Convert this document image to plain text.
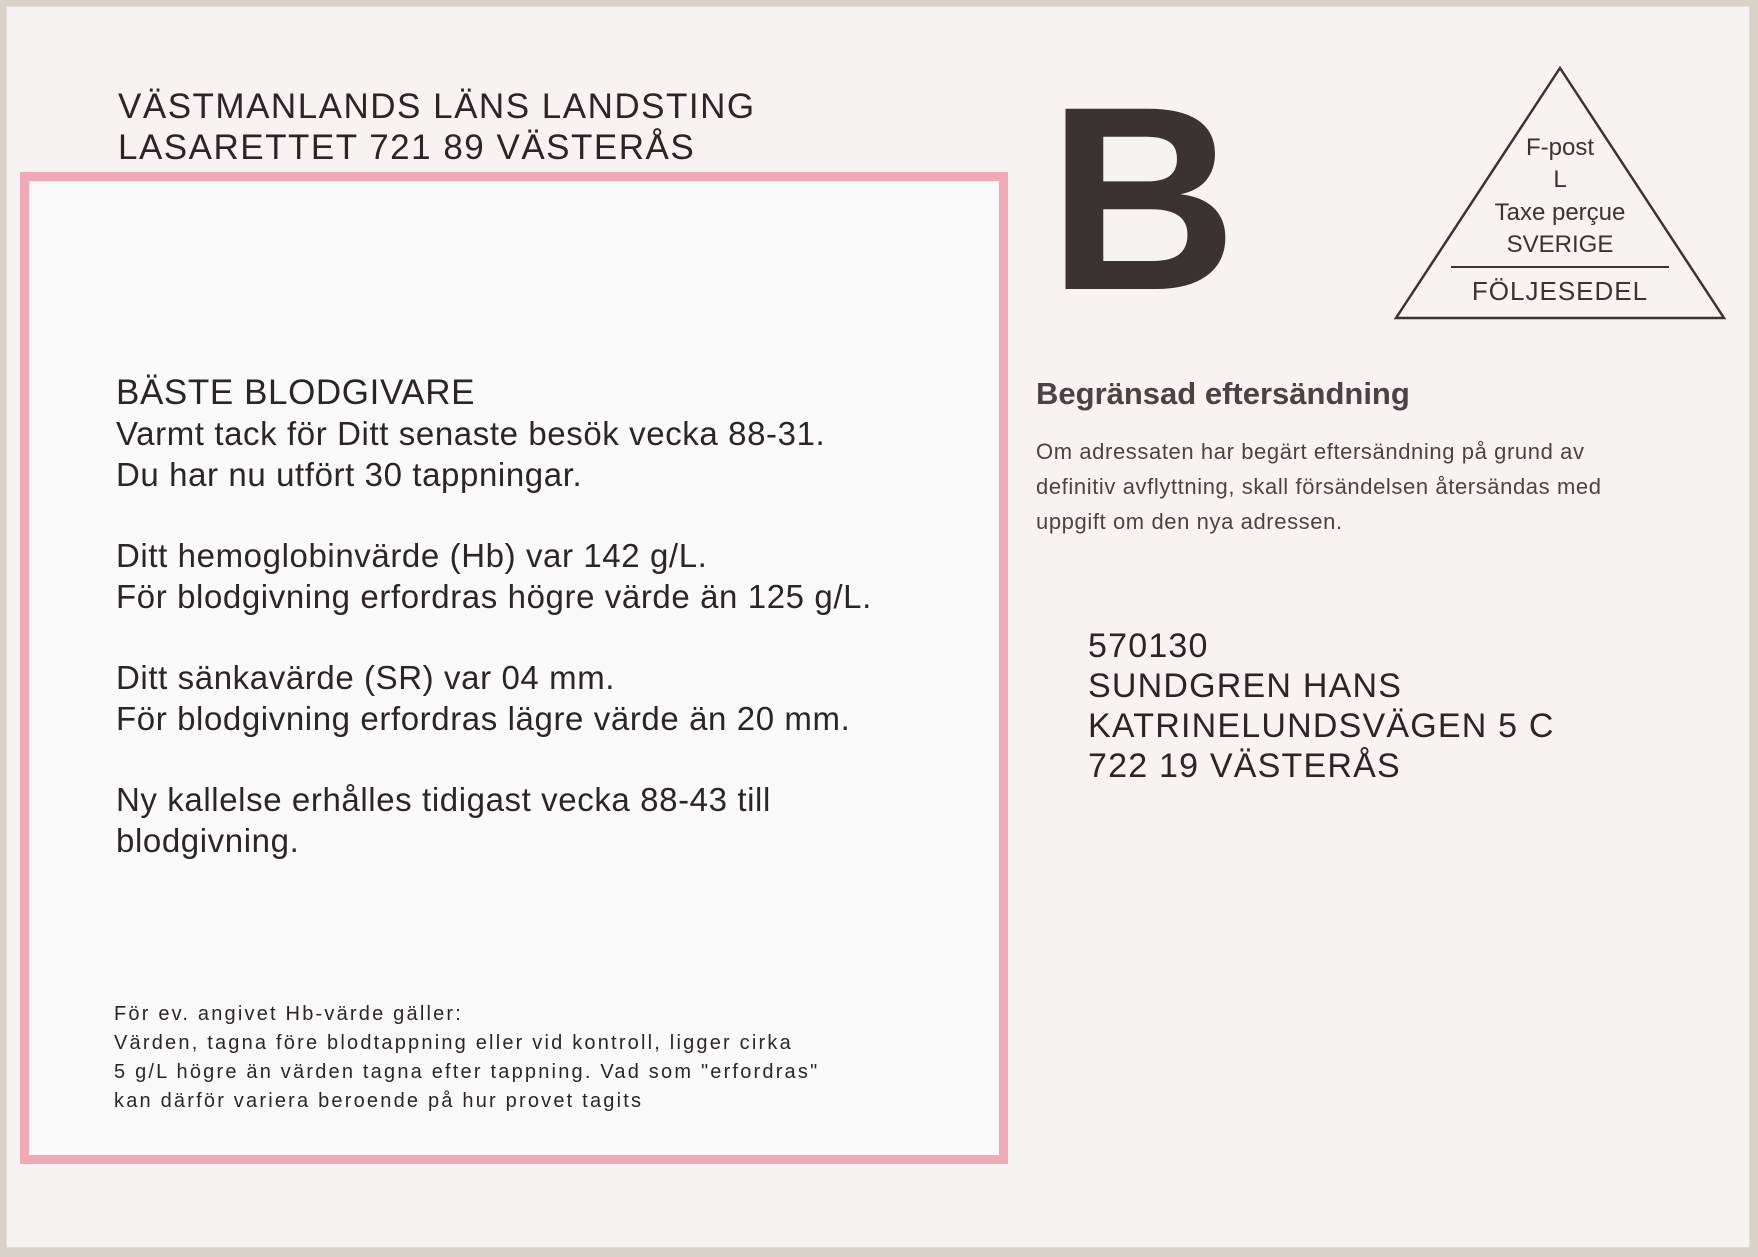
VÄSTMANLANDS LÄNS LANDSTING
LASARETTET 721 89 VÄSTERÅS
BÄSTE BLODGIVARE
Varmt tack för Ditt senaste besök vecka 88-31.
Du har nu utfört 30 tappningar.
Ditt hemoglobinvärde (Hb) var 142 g/L.
För blodgivning erfordras högre värde än 125 g/L.
Ditt sänkavärde (SR) var 04 mm.
För blodgivning erfordras lägre värde än 20 mm.
Ny kallelse erhålles tidigast vecka 88-43 till
blodgivning.
För ev. angivet Hb-värde gäller:
Värden, tagna före blodtappning eller vid kontroll, ligger cirka
5 g/L högre än värden tagna efter tappning. Vad som "erfordras"
kan därför variera beroende på hur provet tagits
B	F-post
L
Taxe perçue
SVERIGE
FÖLJESEDEL
Begränsad eftersändning
Om adressaten har begärt eftersändning på grund av
definitiv avflyttning, skall försändelsen återsändas med
uppgift om den nya adressen.
570130
SUNDGREN HANS
KATRINELUNDSVÄGEN 5 C
722 19 VÄSTERÅS
